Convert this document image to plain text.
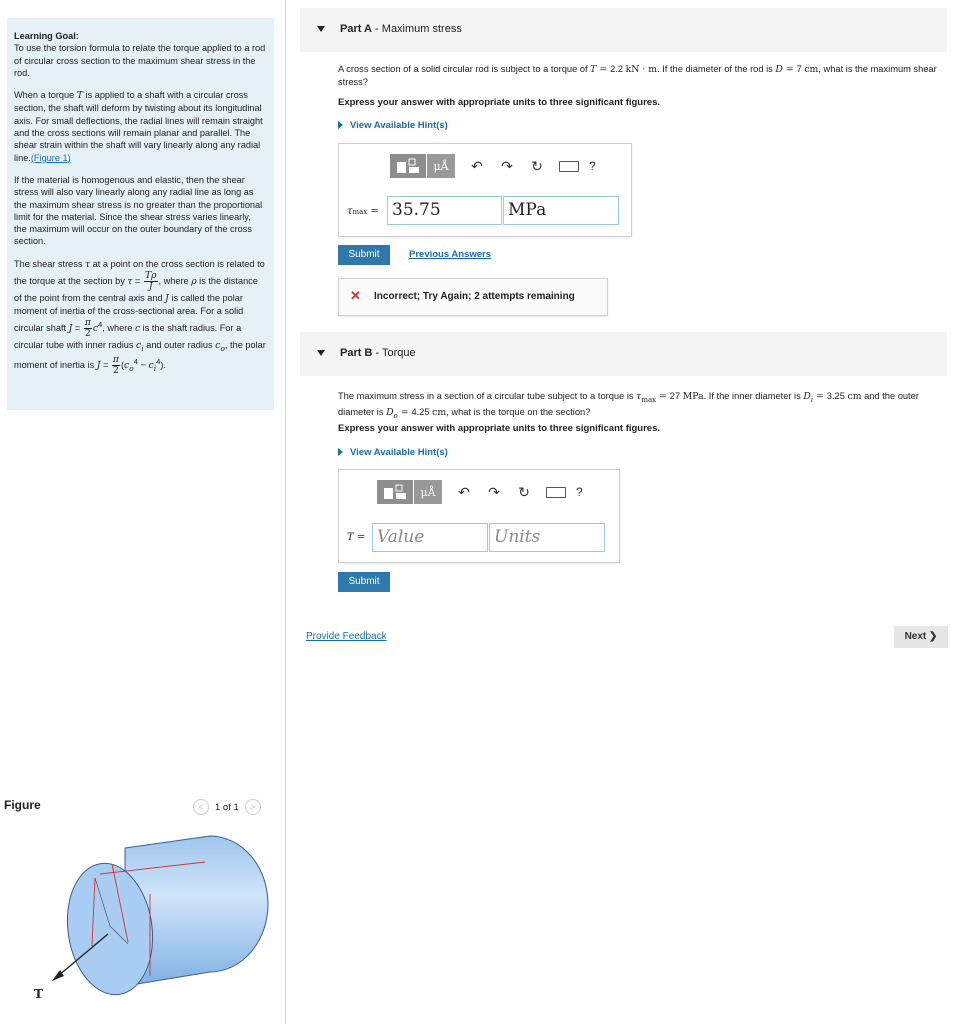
Learning Goal:
To use the torsion formula to relate the torque applied to a rod of circular cross section to the maximum shear stress in the rod.

When a torque T is applied to a shaft with a circular cross section, the shaft will deform by twisting about its longitudinal axis. For small deflections, the radial lines will remain straight and the cross sections will remain planar and parallel. The shear strain within the shaft will vary linearly along any radial line.(Figure 1)

If the material is homogenous and elastic, then the shear stress will also vary linearly along any radial line as long as the maximum shear stress is no greater than the proportional limit for the material. Since the shear stress varies linearly, the maximum will occur on the outer boundary of the cross section.

The shear stress τ at a point on the cross section is related to the torque at the section by $\tau = \frac{T\rho}{J}$ , where ρ is the distance of the point from the central axis and J is called the polar moment of inertia of the cross-sectional area. For a solid circular shaft $J = \frac{\pi}{2} c^4$, where c is the shaft radius. For a circular tube with inner radius $c_i$ and outer radius $c_o$, the polar moment of inertia is $J = \frac{\pi}{2} (c_o^4 - c_i^4)$.

Figure	<	1 of 1	>
T
Part A - Maximum stress
A cross section of a solid circular rod is subject to a torque of T = 2.2 kN · m. If the diameter of the rod is D = 7 cm, what is the maximum shear stress?
Express your answer with appropriate units to three significant figures.
View Available Hint(s)
μÅ	↶ ↷ ↻	?
τmax = 35.75	MPa
Submit	Previous Answers
✕ Incorrect; Try Again; 2 attempts remaining
Part B - Torque
The maximum stress in a section of a circular tube subject to a torque is $\tau_{max} = 27$ MPa. If the inner diameter is $D_i = 3.25$ cm and the outer diameter is $D_o = 4.25$ cm, what is the torque on the section?
Express your answer with appropriate units to three significant figures.
View Available Hint(s)
μÅ	↶ ↷ ↻	?
T = Value	Units
Submit
Provide Feedback	Next ❯
